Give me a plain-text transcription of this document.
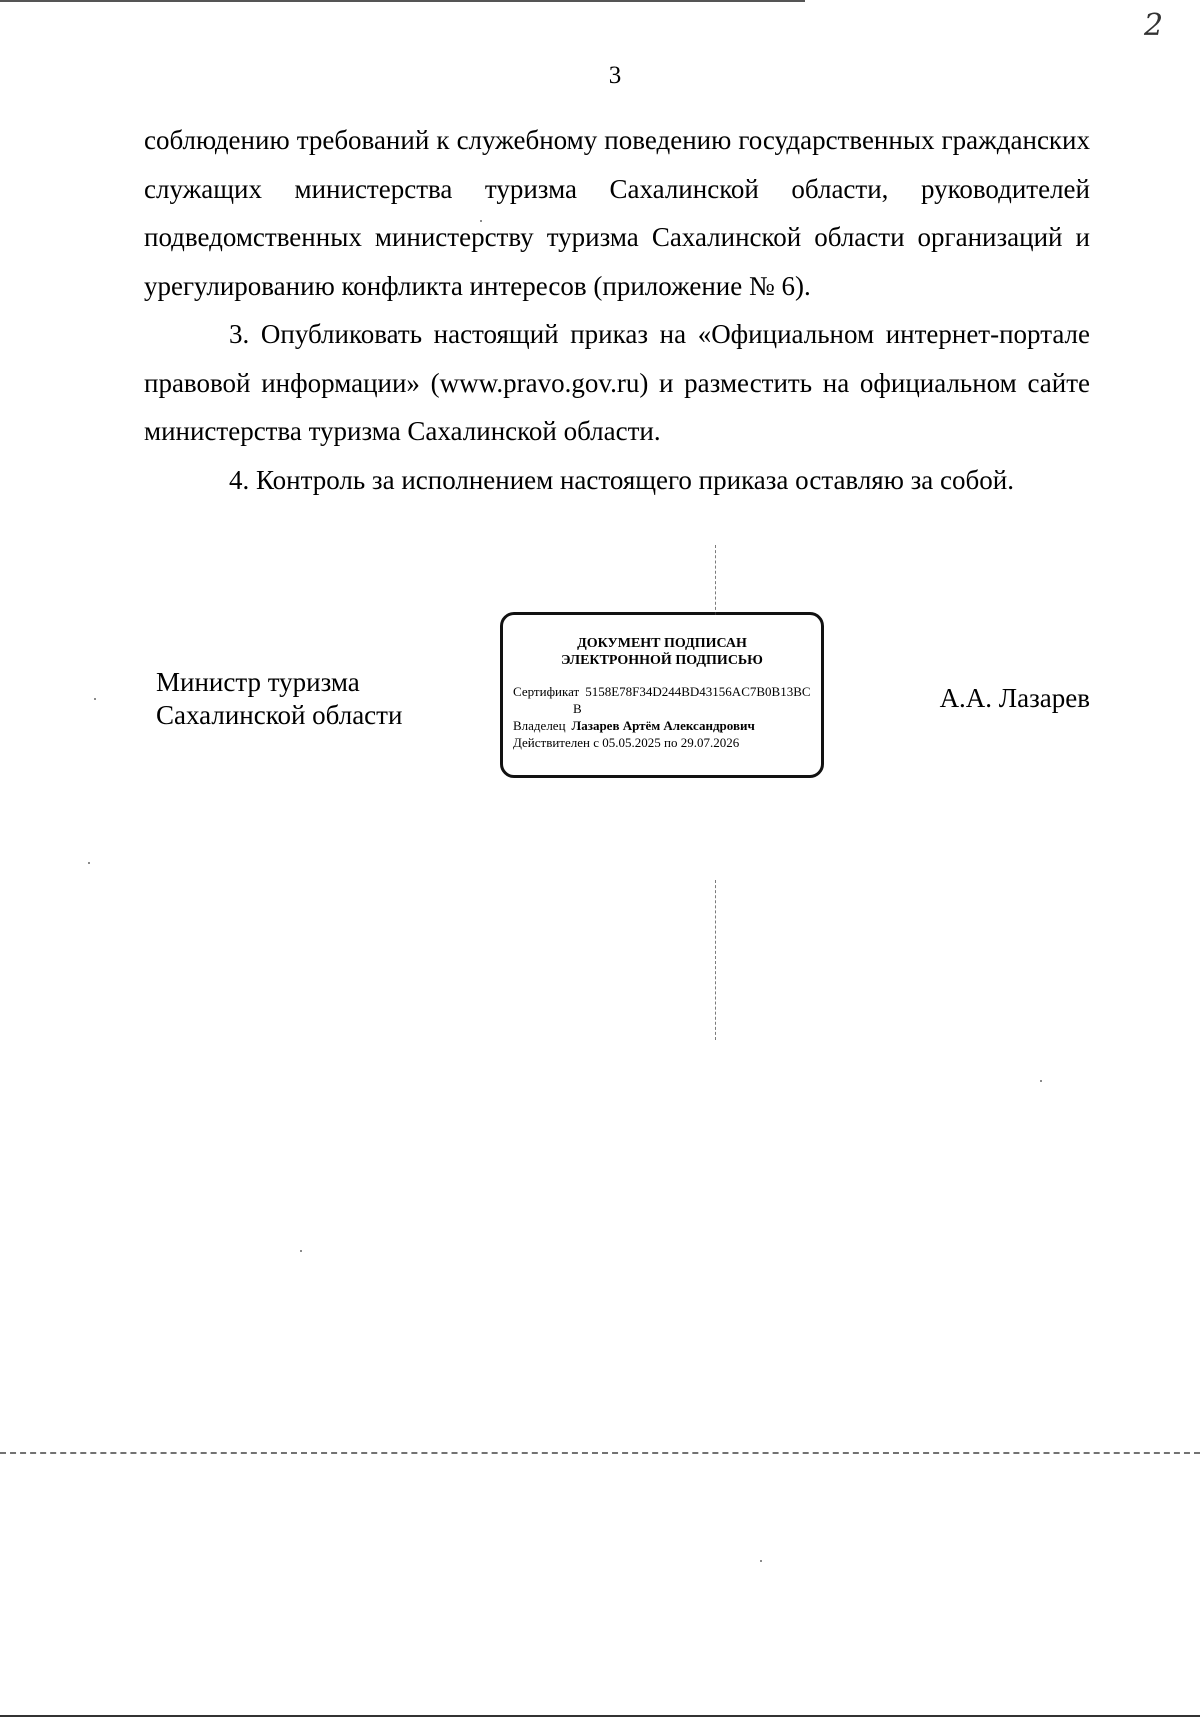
2
3

соблюдению требований к служебному поведению государственных гражданских служащих министерства туризма Сахалинской области, руководителей подведомственных министерству туризма Сахалинской области организаций и урегулированию конфликта интересов (приложение № 6).

3. Опубликовать настоящий приказ на «Официальном интернет-портале правовой информации» (www.pravo.gov.ru) и разместить на официальном сайте министерства туризма Сахалинской области.

4. Контроль за исполнением настоящего приказа оставляю за собой.

Министр туризма
Сахалинской области
ДОКУМЕНТ ПОДПИСАН
ЭЛЕКТРОННОЙ ПОДПИСЬЮ
Сертификат 5158E78F34D244BD43156AC7B0B13BC
B
Владелец Лазарев Артём Александрович
Действителен с 05.05.2025 по 29.07.2026
А.А. Лазарев
